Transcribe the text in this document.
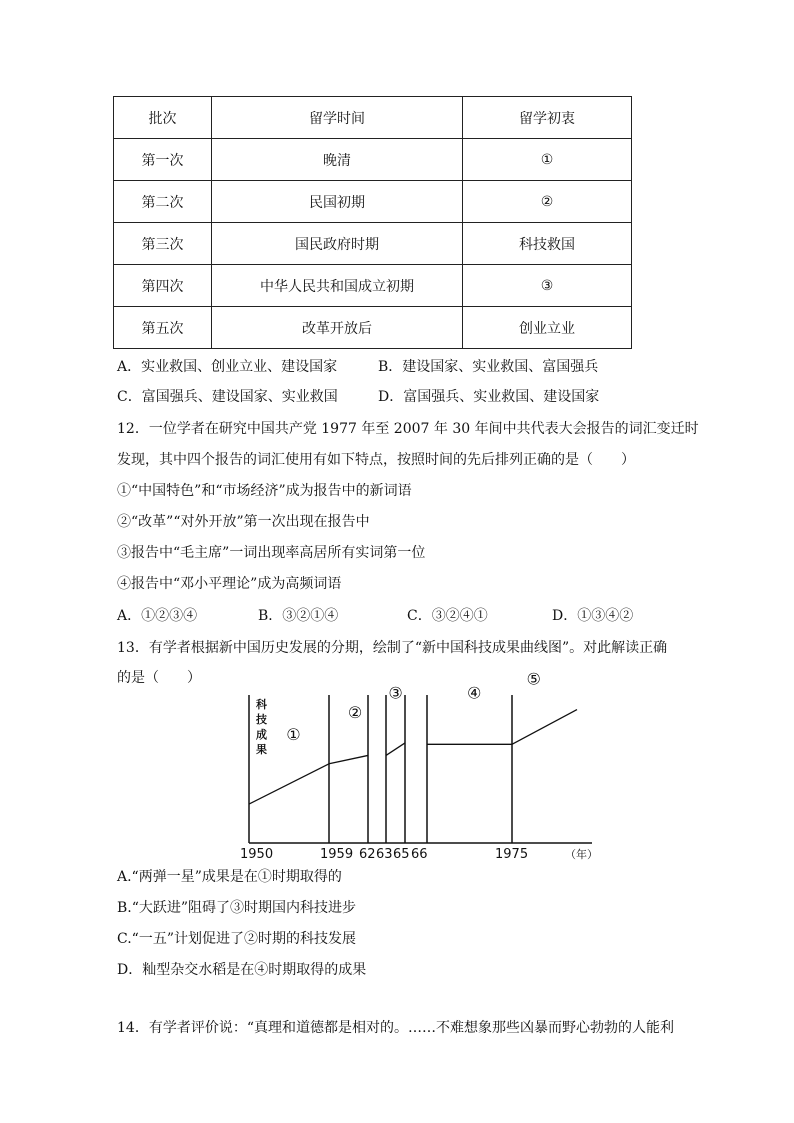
批次	留学时间	留学初衷
第一次	晚清	①
第二次	民国初期	②
第三次	国民政府时期	科技救国
第四次	中华人民共和国成立初期	③
第五次	改革开放后	创业立业
A．实业救国、创业立业、建设国家	B．建设国家、实业救国、富国强兵
C．富国强兵、建设国家、实业救国	D．富国强兵、实业救国、建设国家
12．一位学者在研究中国共产党 1977 年至 2007 年 30 年间中共代表大会报告的词汇变迁时
发现，其中四个报告的词汇使用有如下特点，按照时间的先后排列正确的是（　　）
①“中国特色”和“市场经济”成为报告中的新词语
②“改革”“对外开放”第一次出现在报告中
③报告中“毛主席”一词出现率高居所有实词第一位
④报告中“邓小平理论”成为高频词语
A．①②③④	B．③②①④	C．③②④①	D．①③④②
13．有学者根据新中国历史发展的分期，绘制了“新中国科技成果曲线图”。对此解读正确
的是（　　）
科
技
成
果
①
②
③	④
⑤
1950	1959 62 63 65 66	1975	（年）
A.“两弹一星”成果是在①时期取得的
B.“大跃进”阻碍了③时期国内科技进步
C.“一五”计划促进了②时期的科技发展
D．籼型杂交水稻是在④时期取得的成果
14．有学者评价说：“真理和道德都是相对的。……不难想象那些凶暴而野心勃勃的人能利
